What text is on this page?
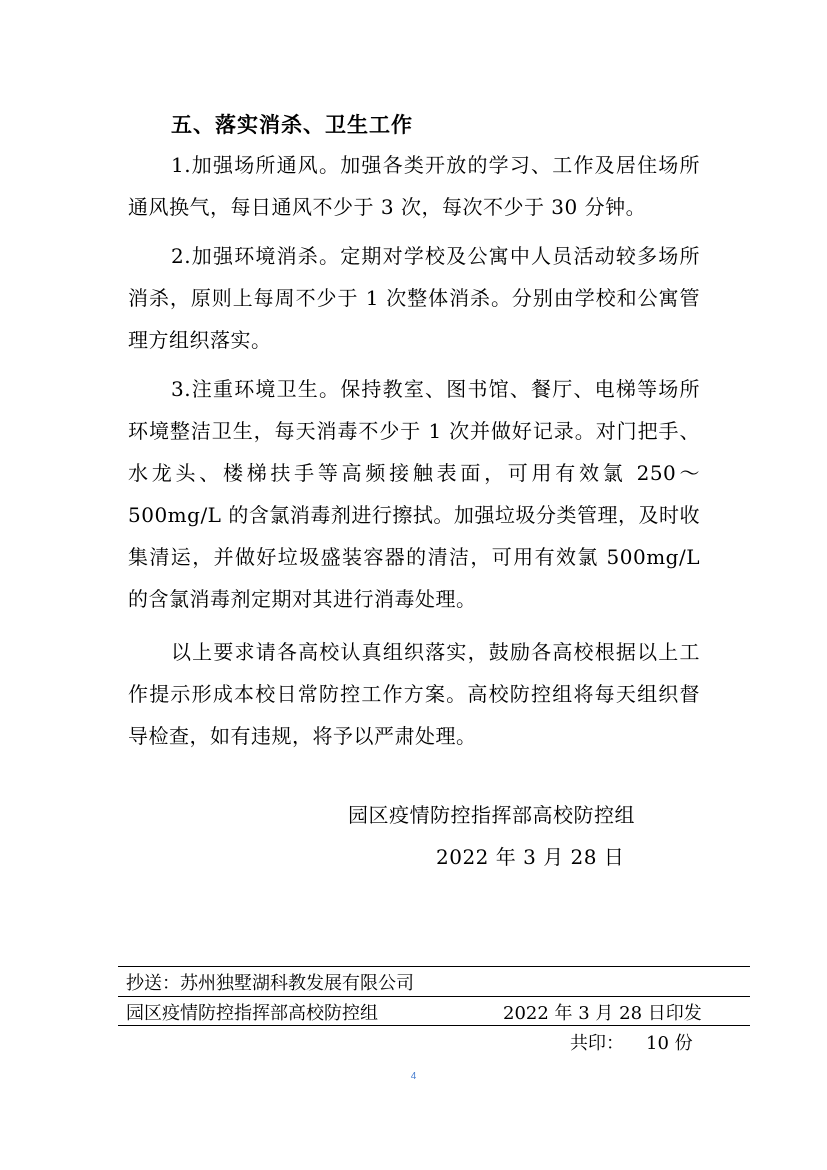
五、落实消杀、卫生工作
1.加强场所通风。加强各类开放的学习、工作及居住场所通风换气，每日通风不少于 3 次，每次不少于 30 分钟。
2.加强环境消杀。定期对学校及公寓中人员活动较多场所消杀，原则上每周不少于 1 次整体消杀。分别由学校和公寓管理方组织落实。
3.注重环境卫生。保持教室、图书馆、餐厅、电梯等场所环境整洁卫生，每天消毒不少于 1 次并做好记录。对门把手、水龙头、楼梯扶手等高频接触表面，可用有效氯 250～500mg/L 的含氯消毒剂进行擦拭。加强垃圾分类管理，及时收集清运，并做好垃圾盛装容器的清洁，可用有效氯 500mg/L 的含氯消毒剂定期对其进行消毒处理。
以上要求请各高校认真组织落实，鼓励各高校根据以上工作提示形成本校日常防控工作方案。高校防控组将每天组织督导检查，如有违规，将予以严肃处理。
园区疫情防控指挥部高校防控组
2022 年 3 月 28 日
抄送：苏州独墅湖科教发展有限公司
园区疫情防控指挥部高校防控组	2022 年 3 月 28 日印发
共印： 10 份
4
